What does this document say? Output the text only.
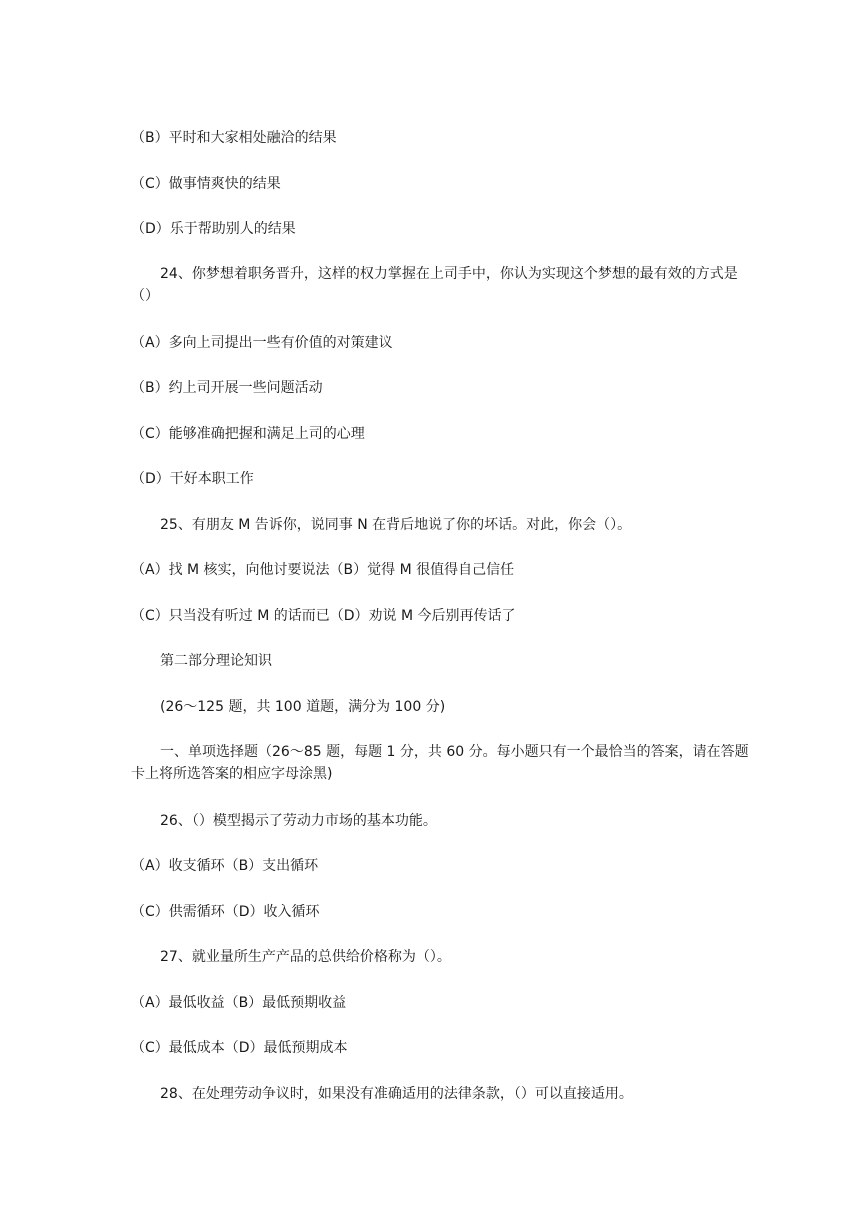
（B）平时和大家相处融洽的结果
（C）做事情爽快的结果
（D）乐于帮助别人的结果
24、你梦想着职务晋升，这样的权力掌握在上司手中，你认为实现这个梦想的最有效的方式是（）
（A）多向上司提出一些有价值的对策建议
（B）约上司开展一些问题活动
（C）能够准确把握和满足上司的心理
（D）干好本职工作
25、有朋友 M 告诉你，说同事 N 在背后地说了你的坏话。对此，你会（）。
（A）找 M 核实，向他讨要说法（B）觉得 M 很值得自己信任
（C）只当没有听过 M 的话而已（D）劝说 M 今后别再传话了
第二部分理论知识
(26～125 题，共 100 道题，满分为 100 分)
一、单项选择题（26～85 题，每题 1 分，共 60 分。每小题只有一个最恰当的答案，请在答题卡上将所选答案的相应字母涂黑)
26、（）模型揭示了劳动力市场的基本功能。
（A）收支循环（B）支出循环
（C）供需循环（D）收入循环
27、就业量所生产产品的总供给价格称为（）。
（A）最低收益（B）最低预期收益
（C）最低成本（D）最低预期成本
28、在处理劳动争议时，如果没有准确适用的法律条款，（）可以直接适用。
